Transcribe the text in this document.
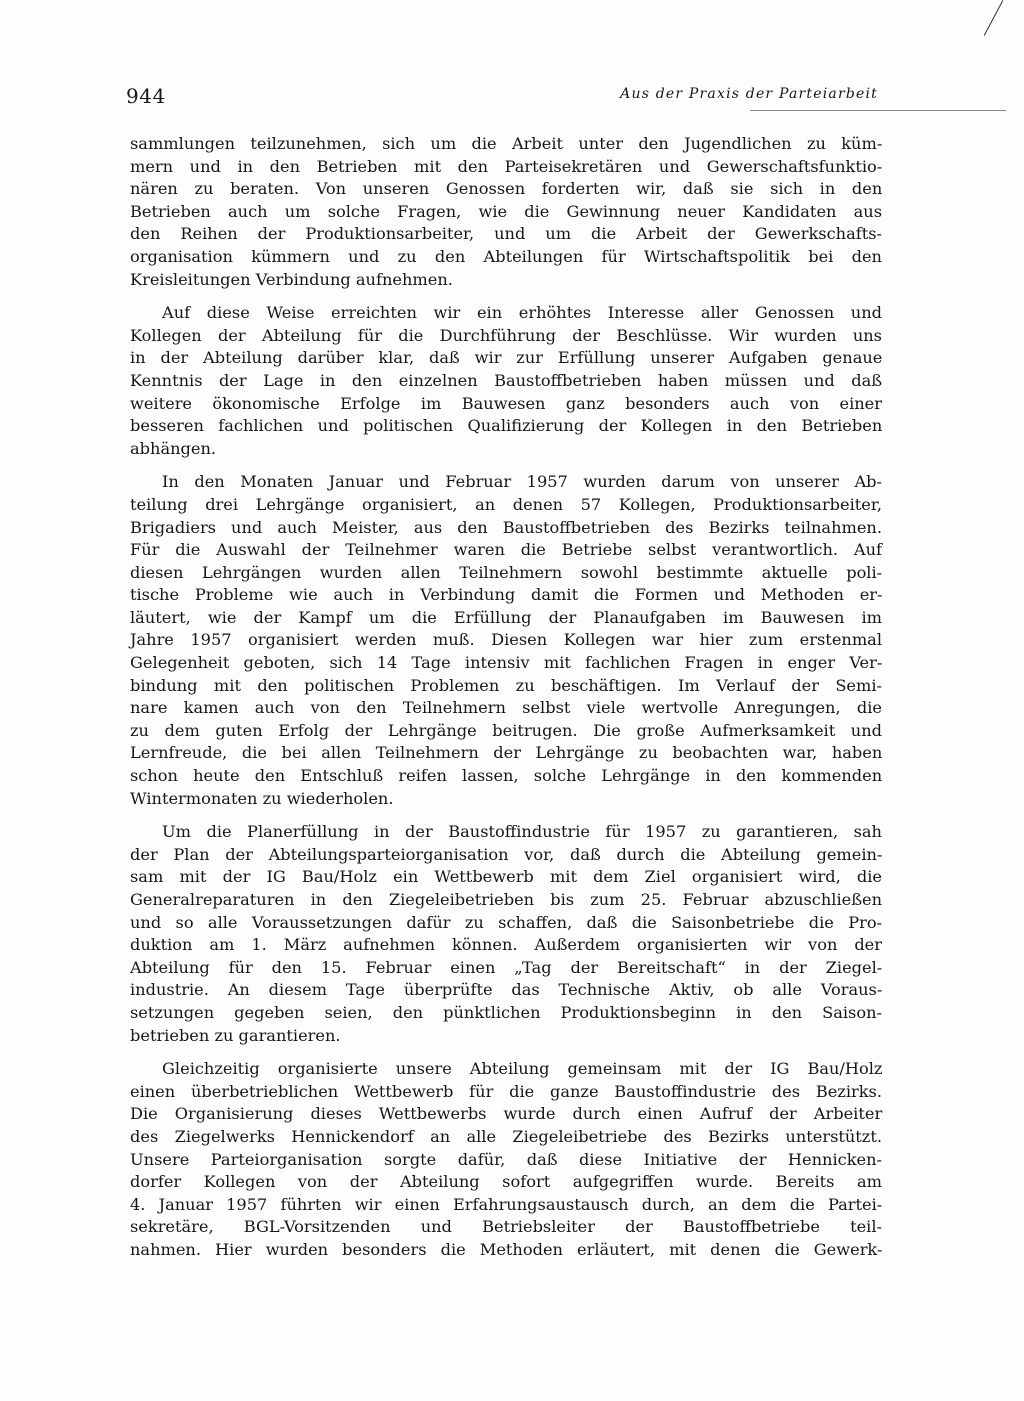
944	Aus der Praxis der Parteiarbeit

sammlungen teilzunehmen, sich um die Arbeit unter den Jugendlichen zu küm-
mern und in den Betrieben mit den Parteisekretären und Gewerschaftsfunktio-
nären zu beraten. Von unseren Genossen forderten wir, daß sie sich in den
Betrieben auch um solche Fragen, wie die Gewinnung neuer Kandidaten aus
den Reihen der Produktionsarbeiter, und um die Arbeit der Gewerkschafts-
organisation kümmern und zu den Abteilungen für Wirtschaftspolitik bei den
Kreisleitungen Verbindung aufnehmen.

Auf diese Weise erreichten wir ein erhöhtes Interesse aller Genossen und
Kollegen der Abteilung für die Durchführung der Beschlüsse. Wir wurden uns
in der Abteilung darüber klar, daß wir zur Erfüllung unserer Aufgaben genaue
Kenntnis der Lage in den einzelnen Baustoffbetrieben haben müssen und daß
weitere ökonomische Erfolge im Bauwesen ganz besonders auch von einer
besseren fachlichen und politischen Qualifizierung der Kollegen in den Betrieben
abhängen.

In den Monaten Januar und Februar 1957 wurden darum von unserer Ab-
teilung drei Lehrgänge organisiert, an denen 57 Kollegen, Produktionsarbeiter,
Brigadiers und auch Meister, aus den Baustoffbetrieben des Bezirks teilnahmen.
Für die Auswahl der Teilnehmer waren die Betriebe selbst verantwortlich. Auf
diesen Lehrgängen wurden allen Teilnehmern sowohl bestimmte aktuelle poli-
tische Probleme wie auch in Verbindung damit die Formen und Methoden er-
läutert, wie der Kampf um die Erfüllung der Planaufgaben im Bauwesen im
Jahre 1957 organisiert werden muß. Diesen Kollegen war hier zum erstenmal
Gelegenheit geboten, sich 14 Tage intensiv mit fachlichen Fragen in enger Ver-
bindung mit den politischen Problemen zu beschäftigen. Im Verlauf der Semi-
nare kamen auch von den Teilnehmern selbst viele wertvolle Anregungen, die
zu dem guten Erfolg der Lehrgänge beitrugen. Die große Aufmerksamkeit und
Lernfreude, die bei allen Teilnehmern der Lehrgänge zu beobachten war, haben
schon heute den Entschluß reifen lassen, solche Lehrgänge in den kommenden
Wintermonaten zu wiederholen.

Um die Planerfüllung in der Baustoffindustrie für 1957 zu garantieren, sah
der Plan der Abteilungsparteiorganisation vor, daß durch die Abteilung gemein-
sam mit der IG Bau/Holz ein Wettbewerb mit dem Ziel organisiert wird, die
Generalreparaturen in den Ziegeleibetrieben bis zum 25. Februar abzuschließen
und so alle Voraussetzungen dafür zu schaffen, daß die Saisonbetriebe die Pro-
duktion am 1. März aufnehmen können. Außerdem organisierten wir von der
Abteilung für den 15. Februar einen „Tag der Bereitschaft“ in der Ziegel-
industrie. An diesem Tage überprüfte das Technische Aktiv, ob alle Voraus-
setzungen gegeben seien, den pünktlichen Produktionsbeginn in den Saison-
betrieben zu garantieren.

Gleichzeitig organisierte unsere Abteilung gemeinsam mit der IG Bau/Holz
einen überbetrieblichen Wettbewerb für die ganze Baustoffindustrie des Bezirks.
Die Organisierung dieses Wettbewerbs wurde durch einen Aufruf der Arbeiter
des Ziegelwerks Hennickendorf an alle Ziegeleibetriebe des Bezirks unterstützt.
Unsere Parteiorganisation sorgte dafür, daß diese Initiative der Hennicken-
dorfer Kollegen von der Abteilung sofort aufgegriffen wurde. Bereits am
4. Januar 1957 führten wir einen Erfahrungsaustausch durch, an dem die Partei-
sekretäre, BGL-Vorsitzenden und Betriebsleiter der Baustoffbetriebe teil-
nahmen. Hier wurden besonders die Methoden erläutert, mit denen die Gewerk-
